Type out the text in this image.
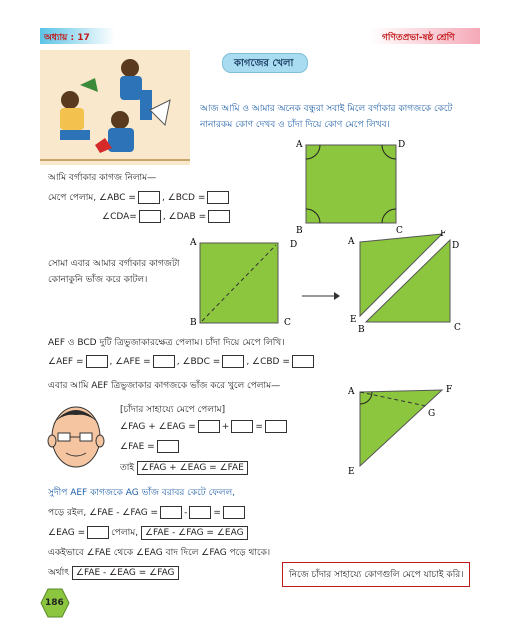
অধ্যায় : 17	গণিতপ্রভা-ষষ্ঠ শ্রেণি
কাগজের খেলা
আজ আমি ও আমার অনেক বন্ধুরা সবাই মিলে বর্গাকার কাগজকে কেটে
নানারকম কোণ দেখব ও চাঁদা দিয়ে কোণ মেপে লিখব।
A	D
B	C
আমি বর্গাকার কাগজ নিলাম—
মেপে পেলাম, ∠ABC =	, ∠BCD =
∠CDA=	, ∠DAB =
A	D
B	C
সোমা এবার আমার বর্গাকার কাগজটা
কোনাকুনি ভাঁজ করে কাটল।
A
F
D
E
B	C
AEF ও BCD দুটি ত্রিভুজাকারক্ষেত্র পেলাম। চাঁদা দিয়ে মেপে লিখি।
∠AEF =	, ∠AFE =	, ∠BDC =	, ∠CBD =
এবার আমি AEF ত্রিভুজাকার কাগজকে ভাঁজ করে খুলে পেলাম—
[চাঁদার সাহায্যে মেপে পেলাম]
∠FAG + ∠EAG =	+	=
∠FAE =
তাই ∠FAG + ∠EAG = ∠FAE
A	F
G
E
সুদীপ AEF কাগজকে AG ভাঁজ বরাবর কেটে ফেলল,
পড়ে রইল, ∠FAE - ∠FAG =	-	=
∠EAG =	পেলাম, ∠FAE - ∠FAG = ∠EAG
একইভাবে ∠FAE থেকে ∠EAG বাদ দিলে ∠FAG পড়ে থাকে।
অর্থাৎ ∠FAE - ∠EAG = ∠FAG	নিজে চাঁদার সাহায্যে কোণগুলি মেপে যাচাই করি।
186
